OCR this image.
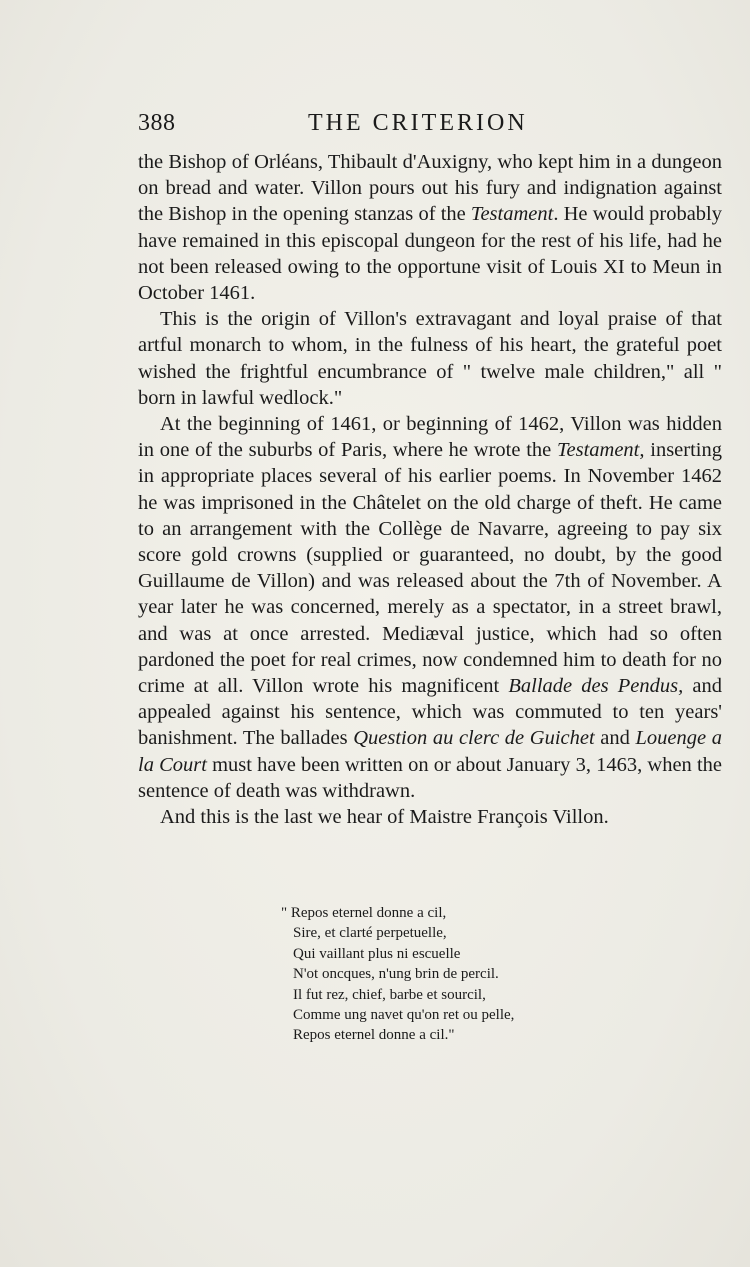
388	THE CRITERION

the Bishop of Orléans, Thibault d'Auxigny, who kept him in a dungeon on bread and water. Villon pours out his fury and indignation against the Bishop in the opening stanzas of the Testament. He would probably have remained in this episcopal dungeon for the rest of his life, had he not been released owing to the opportune visit of Louis XI to Meun in October 1461.

This is the origin of Villon's extravagant and loyal praise of that artful monarch to whom, in the fulness of his heart, the grateful poet wished the frightful encumbrance of " twelve male children," all " born in lawful wedlock."

At the beginning of 1461, or beginning of 1462, Villon was hidden in one of the suburbs of Paris, where he wrote the Testament, inserting in appropriate places several of his earlier poems. In November 1462 he was imprisoned in the Châtelet on the old charge of theft. He came to an arrangement with the Collège de Navarre, agreeing to pay six score gold crowns (supplied or guaranteed, no doubt, by the good Guillaume de Villon) and was released about the 7th of November. A year later he was concerned, merely as a spectator, in a street brawl, and was at once arrested. Mediæval justice, which had so often pardoned the poet for real crimes, now condemned him to death for no crime at all. Villon wrote his magnificent Ballade des Pendus, and appealed against his sentence, which was commuted to ten years' banishment. The ballades Question au clerc de Guichet and Louenge a la Court must have been written on or about January 3, 1463, when the sentence of death was withdrawn.

And this is the last we hear of Maistre François Villon.

" Repos eternel donne a cil,
Sire, et clarté perpetuelle,
Qui vaillant plus ni escuelle
N'ot oncques, n'ung brin de percil.
Il fut rez, chief, barbe et sourcil,
Comme ung navet qu'on ret ou pelle,
Repos eternel donne a cil."
